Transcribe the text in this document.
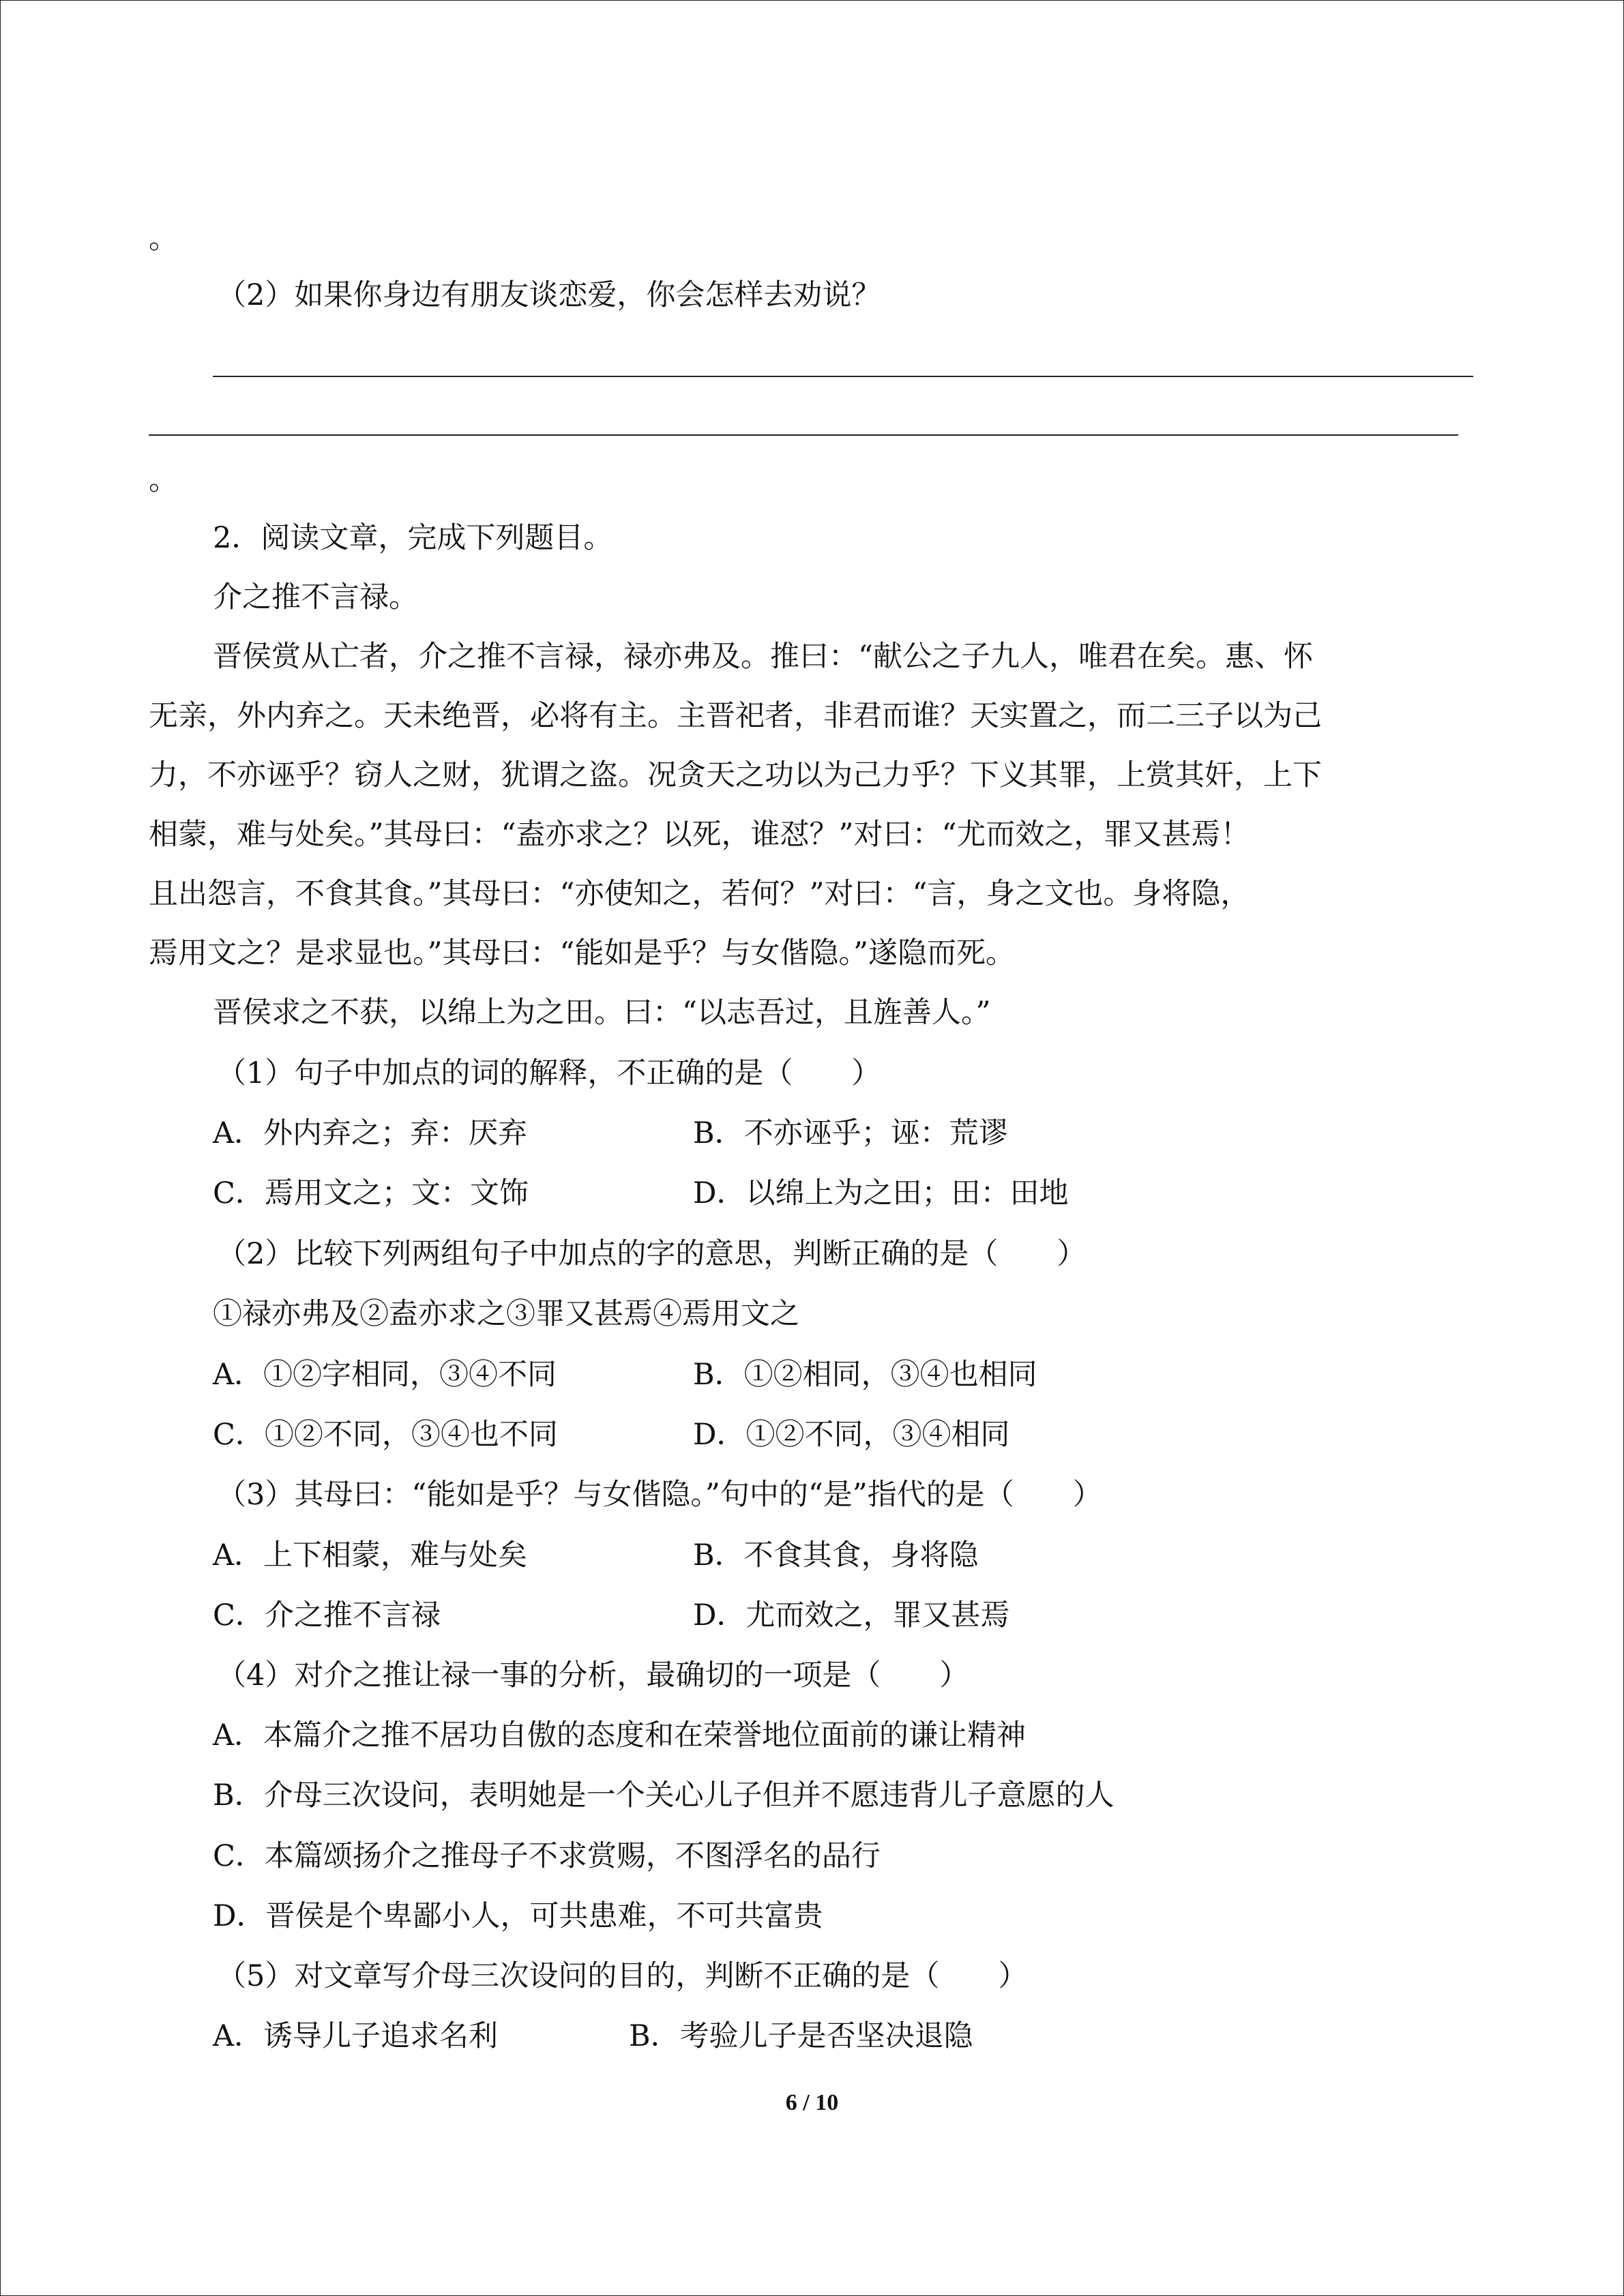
。
（2）如果你身边有朋友谈恋爱，你会怎样去劝说？
。
2．阅读文章，完成下列题目。
介之推不言禄。
晋侯赏从亡者，介之推不言禄，禄亦弗及。推曰：“献公之子九人，唯君在矣。惠、怀
无亲，外内弃之。天未绝晋，必将有主。主晋祀者，非君而谁？天实置之，而二三子以为己
力，不亦诬乎？窃人之财，犹谓之盗。况贪天之功以为己力乎？下义其罪，上赏其奸，上下
相蒙，难与处矣。”其母曰：“盍亦求之？以死，谁怼？”对曰：“尤而效之，罪又甚焉！
且出怨言，不食其食。”其母曰：“亦使知之，若何？”对曰：“言，身之文也。身将隐，
焉用文之？是求显也。”其母曰：“能如是乎？与女偕隐。”遂隐而死。
晋侯求之不获，以绵上为之田。曰：“以志吾过，且旌善人。”
（1）句子中加点的词的解释，不正确的是（　　）
A．外内弃之；弃：厌弃	B．不亦诬乎；诬：荒谬
C．焉用文之；文：文饰	D．以绵上为之田；田：田地
（2）比较下列两组句子中加点的字的意思，判断正确的是（　　）
①禄亦弗及②盍亦求之③罪又甚焉④焉用文之
A．①②字相同，③④不同	B．①②相同，③④也相同
C．①②不同，③④也不同	D．①②不同，③④相同
（3）其母曰：“能如是乎？与女偕隐。”句中的“是”指代的是（　　）
A．上下相蒙，难与处矣	B．不食其食，身将隐
C．介之推不言禄	D．尤而效之，罪又甚焉
（4）对介之推让禄一事的分析，最确切的一项是（　　）
A．本篇介之推不居功自傲的态度和在荣誉地位面前的谦让精神
B．介母三次设问，表明她是一个关心儿子但并不愿违背儿子意愿的人
C．本篇颂扬介之推母子不求赏赐，不图浮名的品行
D．晋侯是个卑鄙小人，可共患难，不可共富贵
（5）对文章写介母三次设问的目的，判断不正确的是（　　）
A．诱导儿子追求名利	B．考验儿子是否坚决退隐
6 / 10
